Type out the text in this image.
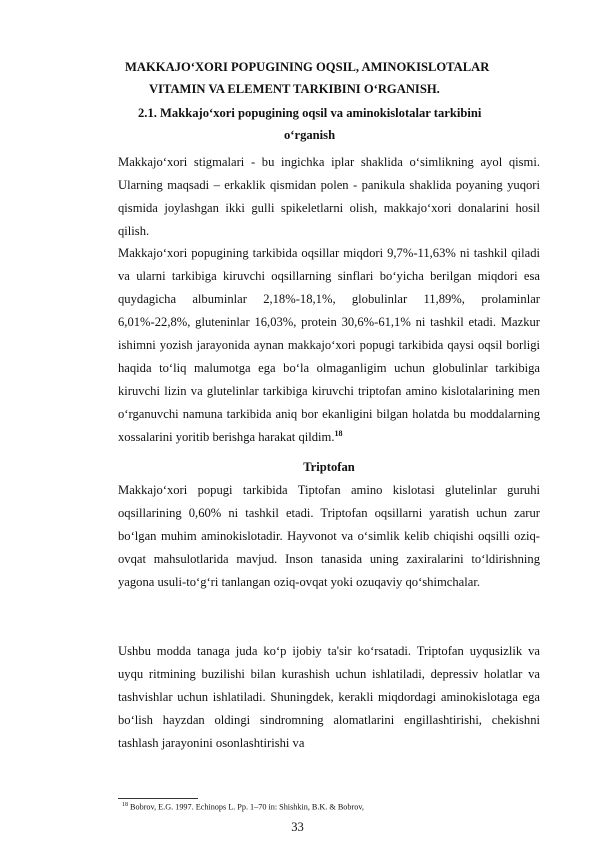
MAKKAJO‘XORI POPUGINING OQSIL, AMINOKISLOTALAR
VITAMIN VA ELEMENT TARKIBINI O‘RGANISH.
2.1. Makkajo‘xori popugining oqsil va aminokislotalar tarkibini
o‘rganish

Makkajo‘xori stigmalari - bu ingichka iplar shaklida o‘simlikning ayol qismi. Ularning maqsadi – erkaklik qismidan polen - panikula shaklida poyaning yuqori qismida joylashgan ikki gulli spikeletlarni olish, makkajo‘xori donalarini hosil qilish.

Makkajo‘xori popugining tarkibida oqsillar miqdori 9,7%-11,63% ni tashkil qiladi va ularni tarkibiga kiruvchi oqsillarning sinflari bo‘yicha berilgan miqdori esa quydagicha albuminlar 2,18%-18,1%, globulinlar 11,89%, prolaminlar 6,01%-22,8%, gluteninlar 16,03%, protein 30,6%-61,1% ni tashkil etadi. Mazkur ishimni yozish jarayonida aynan makkajo‘xori popugi tarkibida qaysi oqsil borligi haqida to‘liq malumotga ega bo‘la olmaganligim uchun globulinlar tarkibiga kiruvchi lizin va glutelinlar tarkibiga kiruvchi triptofan amino kislotalarining men o‘rganuvchi namuna tarkibida aniq bor ekanligini bilgan holatda bu moddalarning xossalarini yoritib berishga harakat qildim.$^{18}$

Triptofan

Makkajo‘xori popugi tarkibida Tiptofan amino kislotasi glutelinlar guruhi oqsillarining 0,60% ni tashkil etadi. Triptofan oqsillarni yaratish uchun zarur bo‘lgan muhim aminokislotadir. Hayvonot va o‘simlik kelib chiqishi oqsilli oziq-ovqat mahsulotlarida mavjud. Inson tanasida uning zaxiralarini to‘ldirishning yagona usuli-to‘g‘ri tanlangan oziq-ovqat yoki ozuqaviy qo‘shimchalar.

Ushbu modda tanaga juda ko‘p ijobiy ta'sir ko‘rsatadi. Triptofan uyqusizlik va uyqu ritmining buzilishi bilan kurashish uchun ishlatiladi, depressiv holatlar va tashvishlar uchun ishlatiladi. Shuningdek, kerakli miqdordagi aminokislotaga ega bo‘lish hayzdan oldingi sindromning alomatlarini engillashtirishi, chekishni tashlash jarayonini osonlashtirishi va

$^{18}$ Bobrov, E.G. 1997. Echinops L. Pp. 1–70 in: Shishkin, B.K. & Bobrov,
33
